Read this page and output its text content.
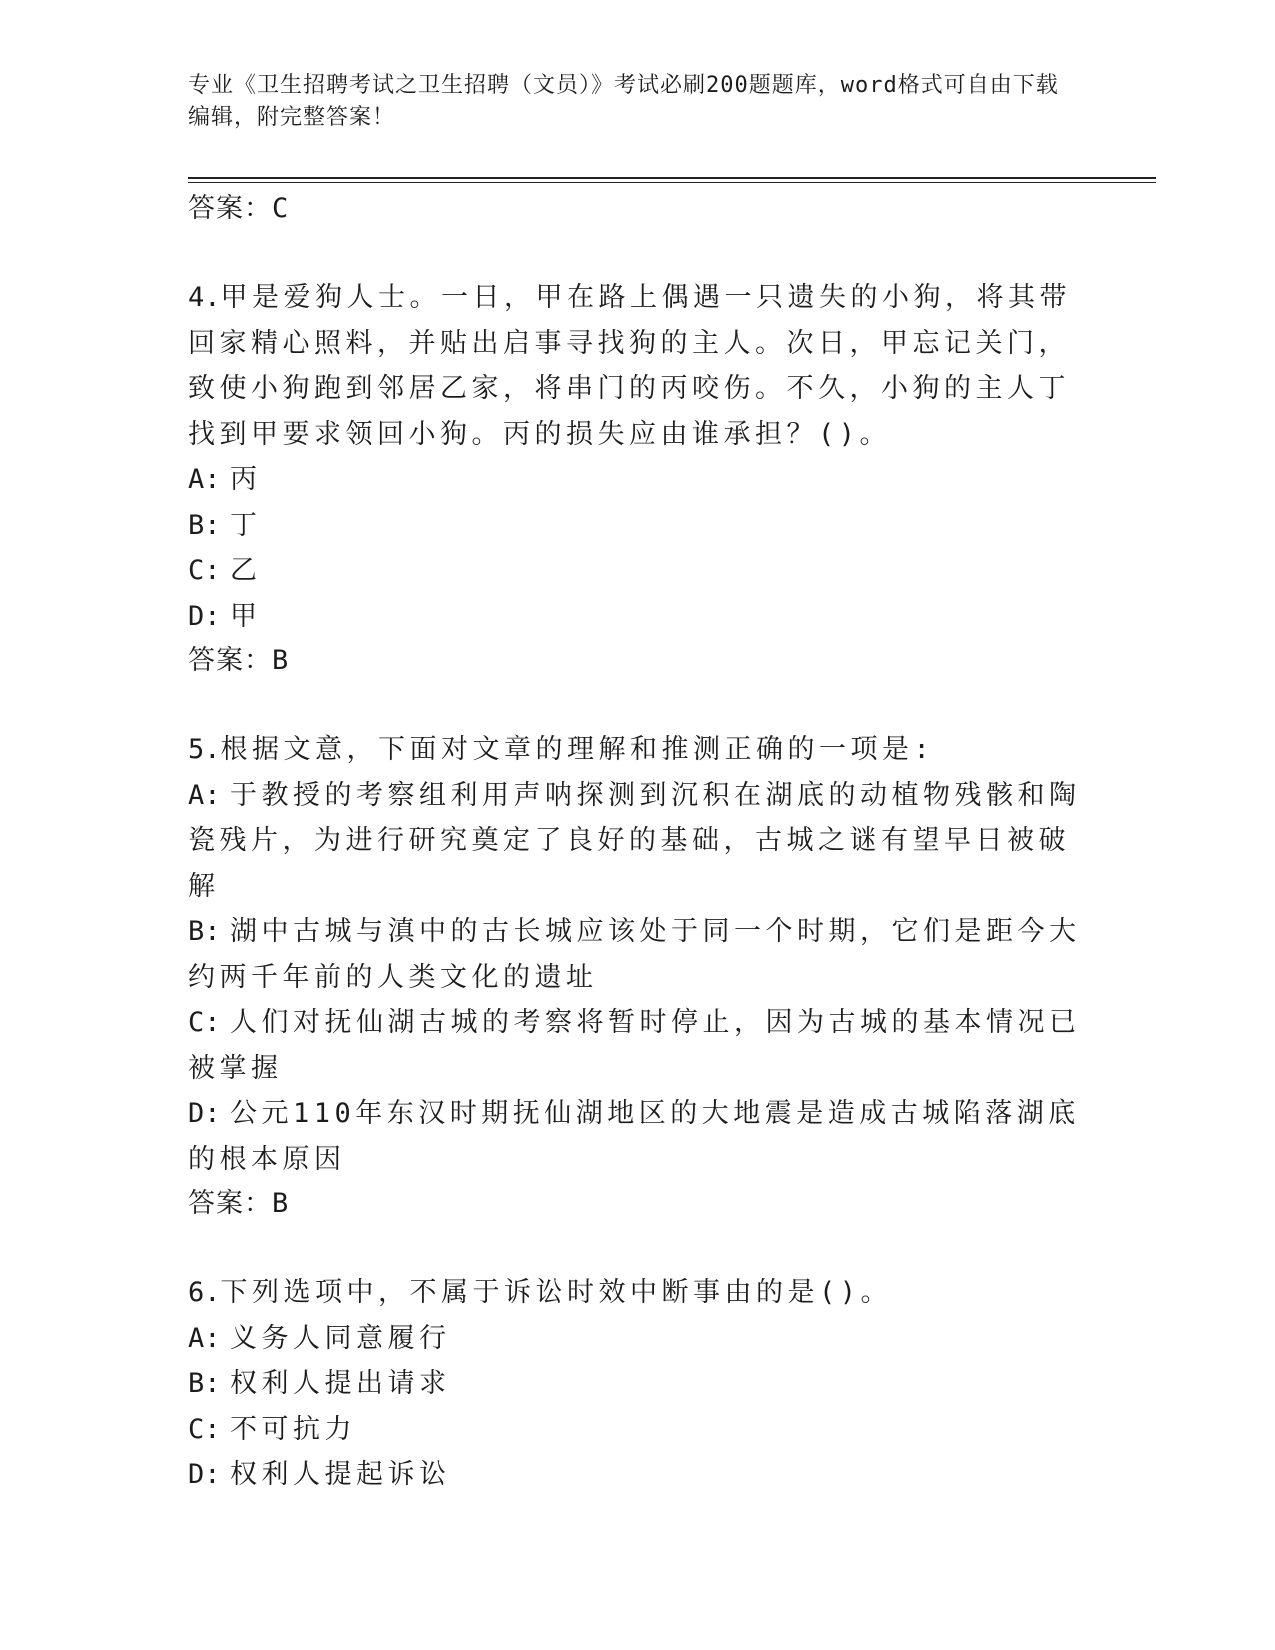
专业《卫生招聘考试之卫生招聘（文员）》考试必刷200题题库，word格式可自由下载编辑，附完整答案！
答案：C
4.甲是爱狗人士。一日，甲在路上偶遇一只遗失的小狗，将其带回家精心照料，并贴出启事寻找狗的主人。次日，甲忘记关门，致使小狗跑到邻居乙家，将串门的丙咬伤。不久，小狗的主人丁找到甲要求领回小狗。丙的损失应由谁承担？()。
A: 丙
B: 丁
C: 乙
D: 甲
答案：B
5.根据文意，下面对文章的理解和推测正确的一项是:
A: 于教授的考察组利用声呐探测到沉积在湖底的动植物残骸和陶瓷残片，为进行研究奠定了良好的基础，古城之谜有望早日被破解
B: 湖中古城与滇中的古长城应该处于同一个时期，它们是距今大约两千年前的人类文化的遗址
C: 人们对抚仙湖古城的考察将暂时停止，因为古城的基本情况已被掌握
D: 公元110年东汉时期抚仙湖地区的大地震是造成古城陷落湖底的根本原因
答案：B
6.下列选项中，不属于诉讼时效中断事由的是()。
A: 义务人同意履行
B: 权利人提出请求
C: 不可抗力
D: 权利人提起诉讼
